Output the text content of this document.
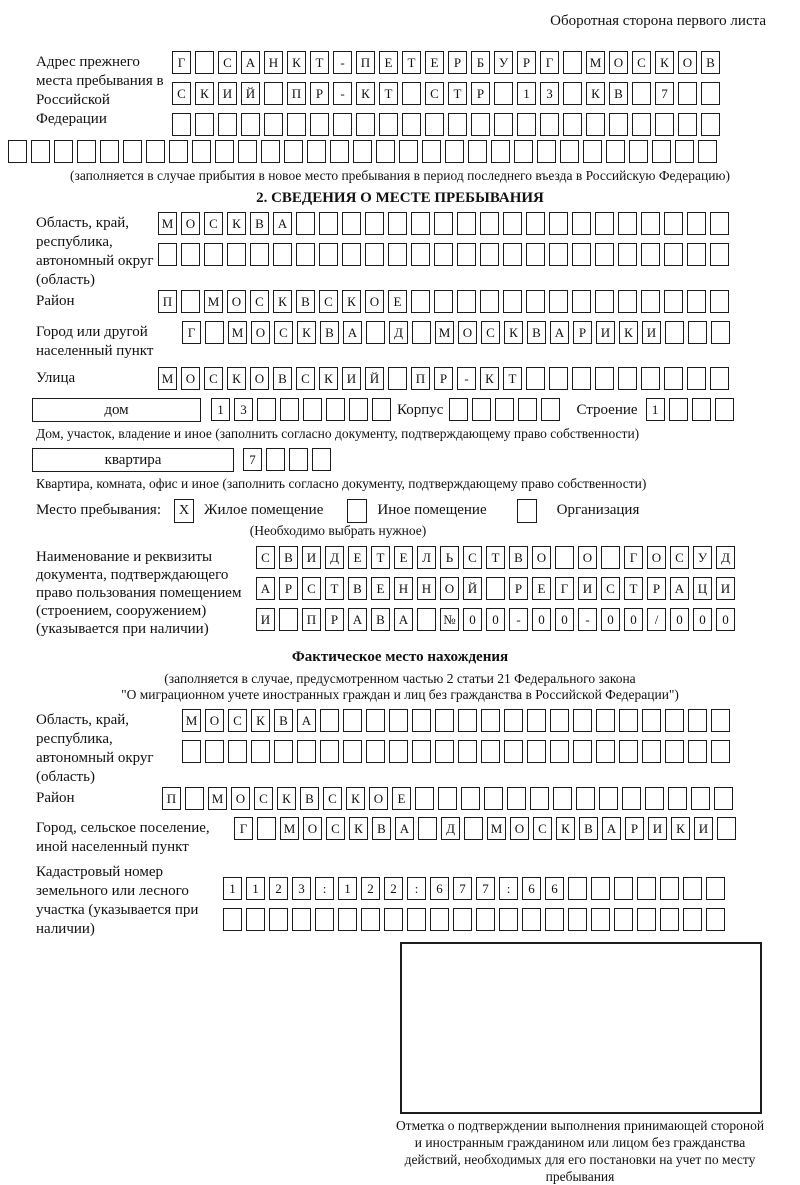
Оборотная сторона первого листа
Адрес прежнего места пребывания в Российской Федерации
Г	С А Н К Т - П Е Т Е Р Б У Р Г	М О С К О В
С К И Й	П Р - К Т	С Т Р	1 3	К В	7
(заполняется в случае прибытия в новое место пребывания в период последнего въезда в Российскую Федерацию)
2. СВЕДЕНИЯ О МЕСТЕ ПРЕБЫВАНИЯ
Область, край, республика, автономный округ (область)
М О С К В А
Район	П	М О С К В С К О Е
Город или другой населенный пункт
Г	М О С К В А	Д	М О С К В А Р И К И
Улица	М О С К О В С К И Й	П Р - К Т
дом	1 3	Корпус	Строение	1
Дом, участок, владение и иное (заполнить согласно документу, подтверждающему право собственности)
квартира	7
Квартира, комната, офис и иное (заполнить согласно документу, подтверждающему право собственности)
Место пребывания:	X Жилое помещение	Иное помещение	Организация
(Необходимо выбрать нужное)
Наименование и реквизиты документа, подтверждающего право пользования помещением (строением, сооружением) (указывается при наличии)
С В И Д Е Т Е Л Ь С Т В О	О	Г О С У Д
А Р С Т В Е Н Н О Й	Р Е Г И С Т Р А Ц И
И	П Р А В А	№ 0 0 - 0 0 - 0 0 / 0 0 0
Фактическое место нахождения
(заполняется в случае, предусмотренном частью 2 статьи 21 Федерального закона
"О миграционном учете иностранных граждан и лиц без гражданства в Российской Федерации")
Область, край, республика, автономный округ (область)
М О С К В А
Район	П	М О С К В С К О Е
Город, сельское поселение, иной населенный пункт
Г	М О С К В А	Д	М О С К В А Р И К И
Кадастровый номер земельного или лесного участка (указывается при наличии)
1 1 2 3 : 1 2 2 : 6 7 7 : 6 6
Отметка о подтверждении выполнения принимающей стороной и иностранным гражданином или лицом без гражданства действий, необходимых для его постановки на учет по месту пребывания
